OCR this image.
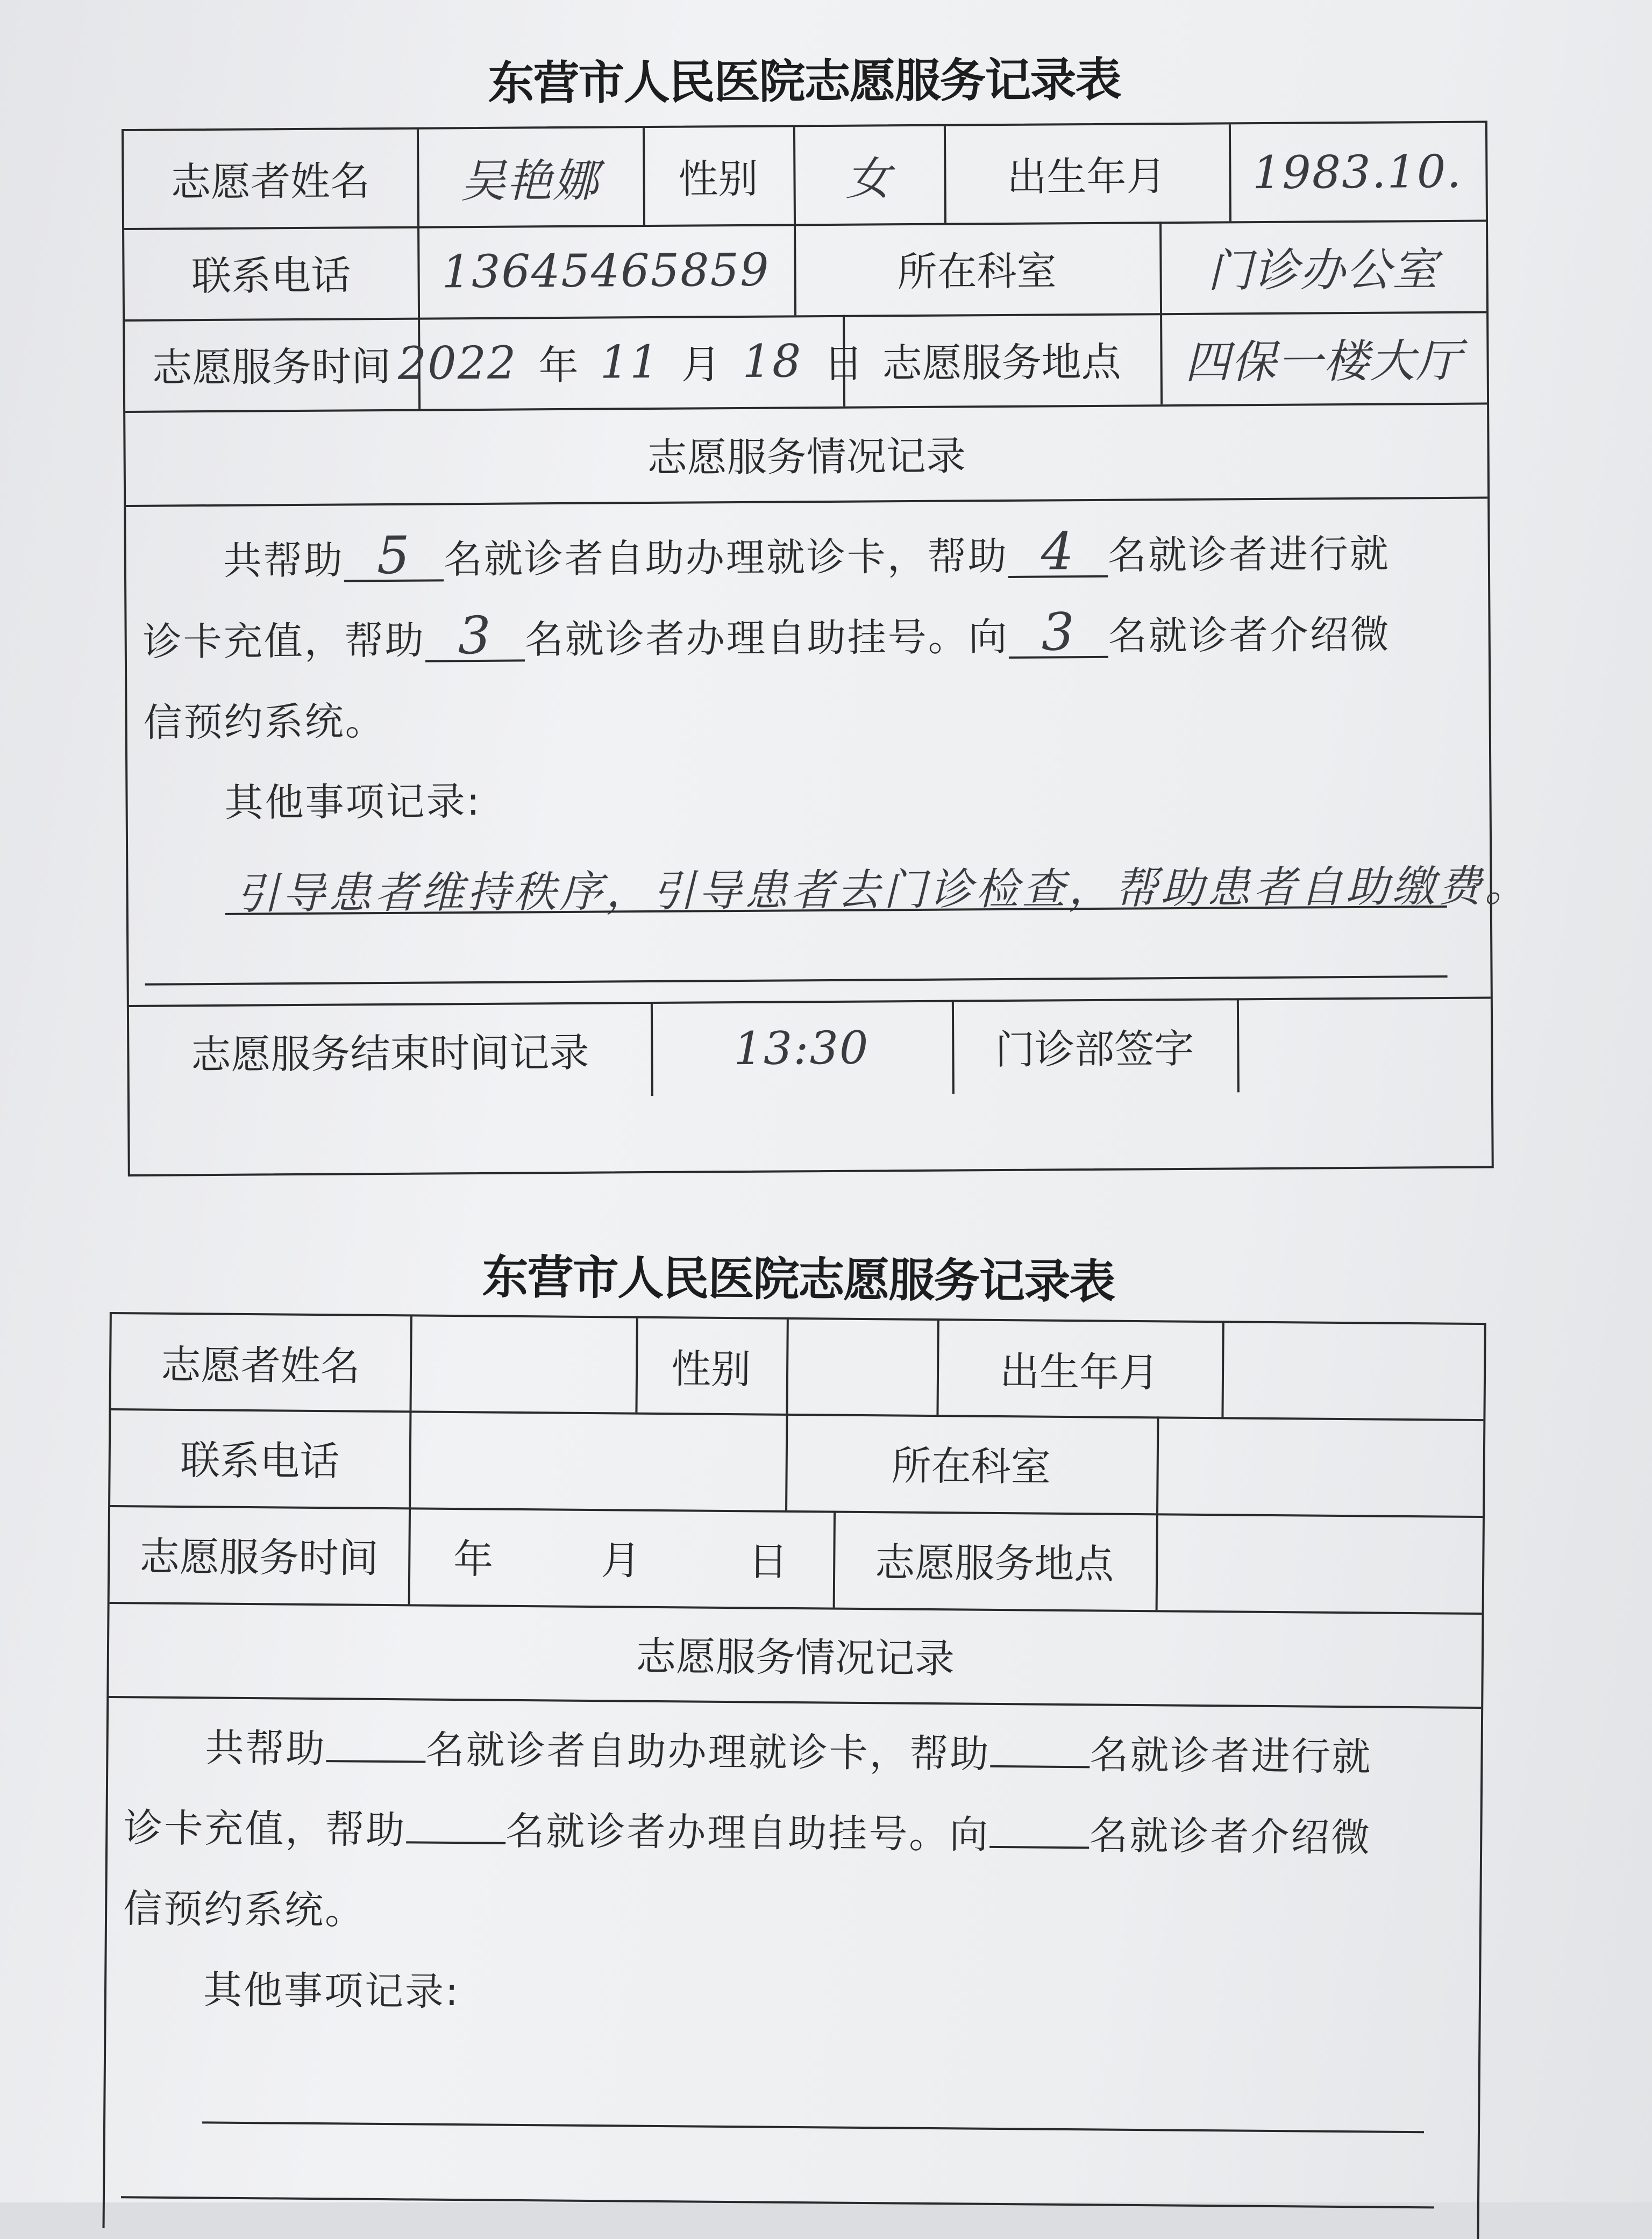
东营市人民医院志愿服务记录表
志愿者姓名	吴艳娜	性别	女	出生年月	1983.10.
联系电话	13645465859	所在科室	门诊办公室
志愿服务时间 2022 年 11 月 18 日 志愿服务地点	四保一楼大厅
志愿服务情况记录
共帮助 5 名就诊者自助办理就诊卡，帮助 4 名就诊者进行就
诊卡充值，帮助 3 名就诊者办理自助挂号。向 3 名就诊者介绍微
信预约系统。
其他事项记录:
引导患者维持秩序，引导患者去门诊检查，帮助患者自助缴费。
志愿服务结束时间记录	13:30	门诊部签字
东营市人民医院志愿服务记录表
志愿者姓名	性别	出生年月
联系电话	所在科室
志愿服务时间	年	月	日	志愿服务地点
志愿服务情况记录
共帮助	名就诊者自助办理就诊卡，帮助	名就诊者进行就
诊卡充值，帮助	名就诊者办理自助挂号。向	名就诊者介绍微
信预约系统。
其他事项记录:
